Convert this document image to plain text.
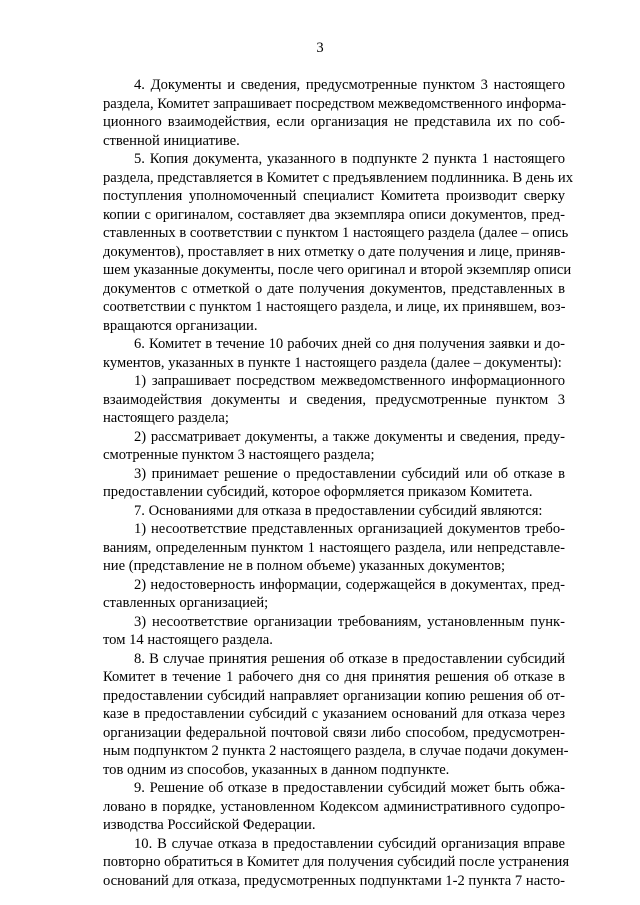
3
4. Документы и сведения, предусмотренные пунктом 3 настоящего
раздела, Комитет запрашивает посредством межведомственного информа-
ционного взаимодействия, если организация не представила их по соб-
ственной инициативе.
5. Копия документа, указанного в подпункте 2 пункта 1 настоящего
раздела, представляется в Комитет с предъявлением подлинника. В день их
поступления уполномоченный специалист Комитета производит сверку
копии с оригиналом, составляет два экземпляра описи документов, пред-
ставленных в соответствии с пунктом 1 настоящего раздела (далее – опись
документов), проставляет в них отметку о дате получения и лице, приняв-
шем указанные документы, после чего оригинал и второй экземпляр описи
документов с отметкой о дате получения документов, представленных в
соответствии с пунктом 1 настоящего раздела, и лице, их принявшем, воз-
вращаются организации.
6. Комитет в течение 10 рабочих дней со дня получения заявки и до-
кументов, указанных в пункте 1 настоящего раздела (далее – документы):
1) запрашивает посредством межведомственного информационного
взаимодействия документы и сведения, предусмотренные пунктом 3
настоящего раздела;
2) рассматривает документы, а также документы и сведения, преду-
смотренные пунктом 3 настоящего раздела;
3) принимает решение о предоставлении субсидий или об отказе в
предоставлении субсидий, которое оформляется приказом Комитета.
7. Основаниями для отказа в предоставлении субсидий являются:
1) несоответствие представленных организацией документов требо-
ваниям, определенным пунктом 1 настоящего раздела, или непредставле-
ние (представление не в полном объеме) указанных документов;
2) недостоверность информации, содержащейся в документах, пред-
ставленных организацией;
3) несоответствие организации требованиям, установленным пунк-
том 14 настоящего раздела.
8. В случае принятия решения об отказе в предоставлении субсидий
Комитет в течение 1 рабочего дня со дня принятия решения об отказе в
предоставлении субсидий направляет организации копию решения об от-
казе в предоставлении субсидий с указанием оснований для отказа через
организации федеральной почтовой связи либо способом, предусмотрен-
ным подпунктом 2 пункта 2 настоящего раздела, в случае подачи докумен-
тов одним из способов, указанных в данном подпункте.
9. Решение об отказе в предоставлении субсидий может быть обжа-
ловано в порядке, установленном Кодексом административного судопро-
изводства Российской Федерации.
10. В случае отказа в предоставлении субсидий организация вправе
повторно обратиться в Комитет для получения субсидий после устранения
оснований для отказа, предусмотренных подпунктами 1-2 пункта 7 насто-
